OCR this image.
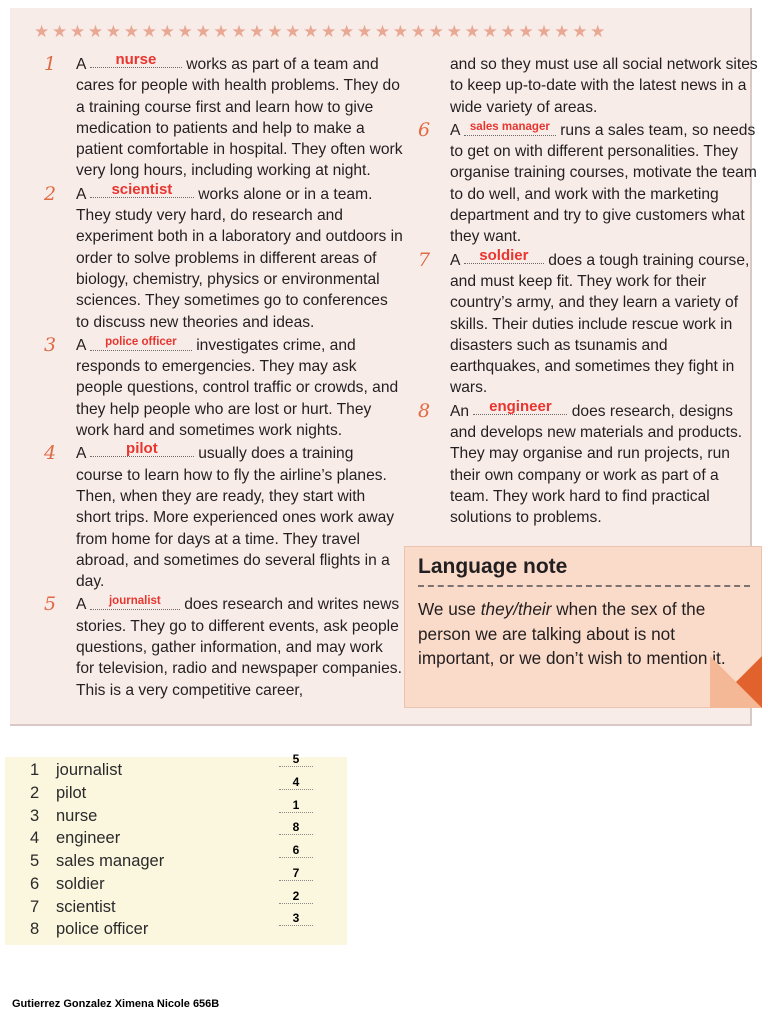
★★★★★★★★★★★★★★★★★★★★★★★★★★★★★★★★
1 A nurse works as part of a team and cares for people with health problems. They do a training course first and learn how to give medication to patients and help to make a patient comfortable in hospital. They often work very long hours, including working at night.

2 A scientist works alone or in a team. They study very hard, do research and experiment both in a laboratory and outdoors in order to solve problems in different areas of biology, chemistry, physics or environmental sciences. They sometimes go to conferences to discuss new theories and ideas.

3 A police officer investigates crime, and responds to emergencies. They may ask people questions, control traffic or crowds, and they help people who are lost or hurt. They work hard and sometimes work nights.

4 A pilot usually does a training course to learn how to fly the airline’s planes. Then, when they are ready, they start with short trips. More experienced ones work away from home for days at a time. They travel abroad, and sometimes do several flights in a day.

5 A journalist does research and writes news stories. They go to different events, ask people questions, gather information, and may work for television, radio and newspaper companies. This is a very competitive career,

and so they must use all social network sites to keep up-to-date with the latest news in a wide variety of areas.

6 A sales manager runs a sales team, so needs to get on with different personalities. They organise training courses, motivate the team to do well, and work with the marketing department and try to give customers what they want.

7 A soldier does a tough training course, and must keep fit. They work for their country’s army, and they learn a variety of skills. Their duties include rescue work in disasters such as tsunamis and earthquakes, and sometimes they fight in wars.

8 An engineer does research, designs and develops new materials and products. They may organise and run projects, run their own company or work as part of a team. They work hard to find practical solutions to problems.

Language note
We use they/their when the sex of the person we are talking about is not important, or we don’t wish to mention it.
1 journalist
5
2 pilot
4
3 nurse
1
4 engineer
8
5 sales manager
6
6 soldier
7
7 scientist
2
8 police officer
3
Gutierrez Gonzalez Ximena Nicole 656B
